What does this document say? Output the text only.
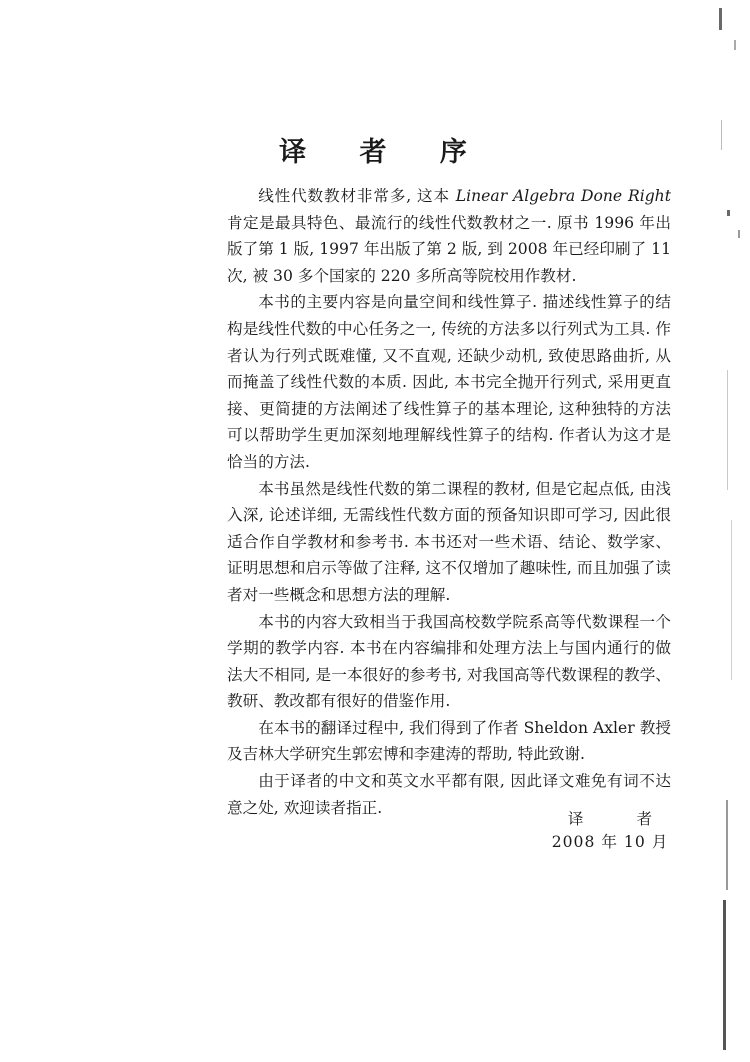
译 者 序

线性代数教材非常多, 这本 Linear Algebra Done Right 肯定是最具特色、最流行的线性代数教材之一. 原书 1996 年出版了第 1 版, 1997 年出版了第 2 版, 到 2008 年已经印刷了 11 次, 被 30 多个国家的 220 多所高等院校用作教材.

本书的主要内容是向量空间和线性算子. 描述线性算子的结构是线性代数的中心任务之一, 传统的方法多以行列式为工具. 作者认为行列式既难懂, 又不直观, 还缺少动机, 致使思路曲折, 从而掩盖了线性代数的本质. 因此, 本书完全抛开行列式, 采用更直接、更简捷的方法阐述了线性算子的基本理论, 这种独特的方法可以帮助学生更加深刻地理解线性算子的结构. 作者认为这才是恰当的方法.

本书虽然是线性代数的第二课程的教材, 但是它起点低, 由浅入深, 论述详细, 无需线性代数方面的预备知识即可学习, 因此很适合作自学教材和参考书. 本书还对一些术语、结论、数学家、证明思想和启示等做了注释, 这不仅增加了趣味性, 而且加强了读者对一些概念和思想方法的理解.

本书的内容大致相当于我国高校数学院系高等代数课程一个学期的教学内容. 本书在内容编排和处理方法上与国内通行的做法大不相同, 是一本很好的参考书, 对我国高等代数课程的教学、教研、教改都有很好的借鉴作用.

在本书的翻译过程中, 我们得到了作者 Sheldon Axler 教授及吉林大学研究生郭宏博和李建涛的帮助, 特此致谢.

由于译者的中文和英文水平都有限, 因此译文难免有词不达意之处, 欢迎读者指正.

译 者
2008 年 10 月
